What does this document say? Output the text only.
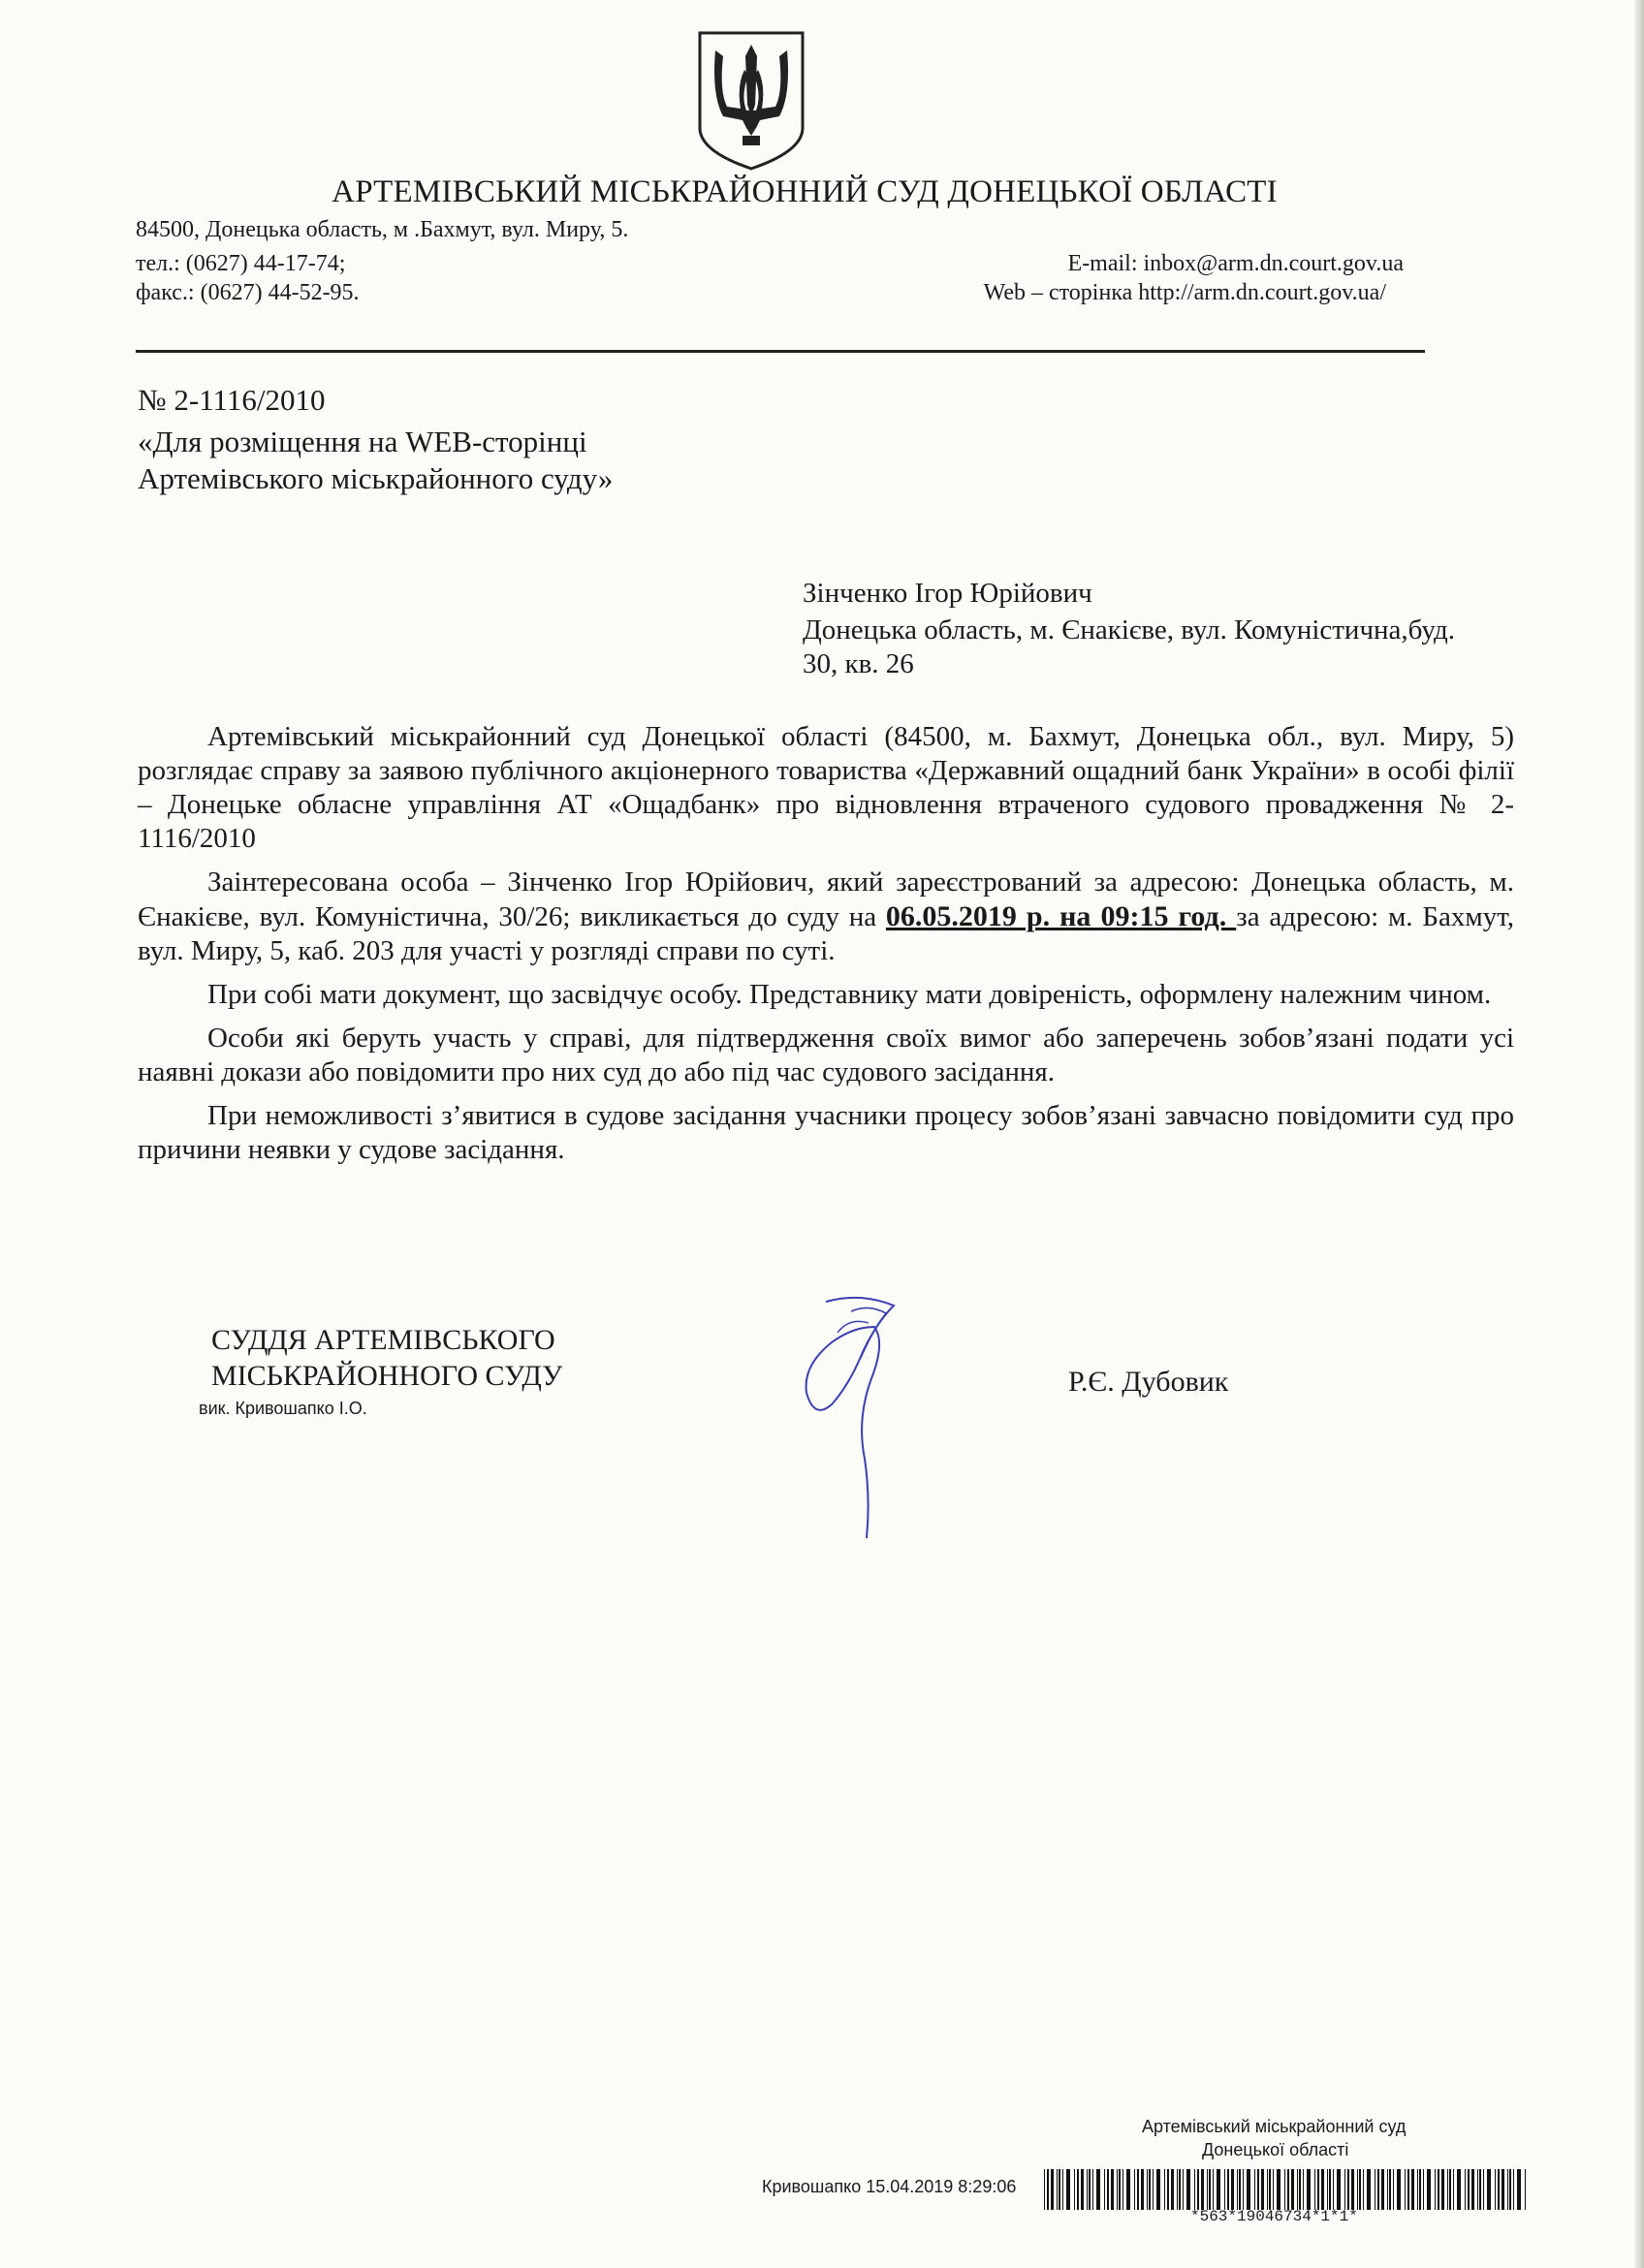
АРТЕМІВСЬКИЙ МІСЬКРАЙОННИЙ СУД ДОНЕЦЬКОЇ ОБЛАСТІ
84500, Донецька область, м .Бахмут, вул. Миру, 5.
тел.: (0627) 44-17-74;
факс.: (0627) 44-52-95.
E-mail: inbox@arm.dn.court.gov.ua
Web – сторінка http://arm.dn.court.gov.ua/
№ 2-1116/2010
«Для розміщення на WEB-сторінці
Артемівського міськрайонного суду»
Зінченко Ігор Юрійович
Донецька область, м. Єнакієве, вул. Комуністична,буд.
30, кв. 26

Артемівський міськрайонний суд Донецької області (84500, м. Бахмут, Донецька обл., вул. Миру, 5) розглядає справу за заявою публічного акціонерного товариства «Державний ощадний банк України» в особі філії – Донецьке обласне управління АТ «Ощадбанк» про відновлення втраченого судового провадження № 2-1116/2010

Заінтересована особа – Зінченко Ігор Юрійович, який зареєстрований за адресою: Донецька область, м. Єнакієве, вул. Комуністична, 30/26; викликається до суду на 06.05.2019 р. на 09:15 год. за адресою: м. Бахмут, вул. Миру, 5, каб. 203 для участі у розгляді справи по суті.

При собі мати документ, що засвідчує особу. Представнику мати довіреність, оформлену належним чином.

Особи які беруть участь у справі, для підтвердження своїх вимог або заперечень зобов’язані подати усі наявні докази або повідомити про них суд до або під час судового засідання.

При неможливості з’явитися в судове засідання учасники процесу зобов’язані завчасно повідомити суд про причини неявки у судове засідання.

СУДДЯ АРТЕМІВСЬКОГО
МІСЬКРАЙОННОГО СУДУ	Р.Є. Дубовик
вик. Кривошапко І.О.
Артемівський міськрайонний суд
Донецької області
Кривошапко 15.04.2019 8:29:06
*563*19046734*1*1*
